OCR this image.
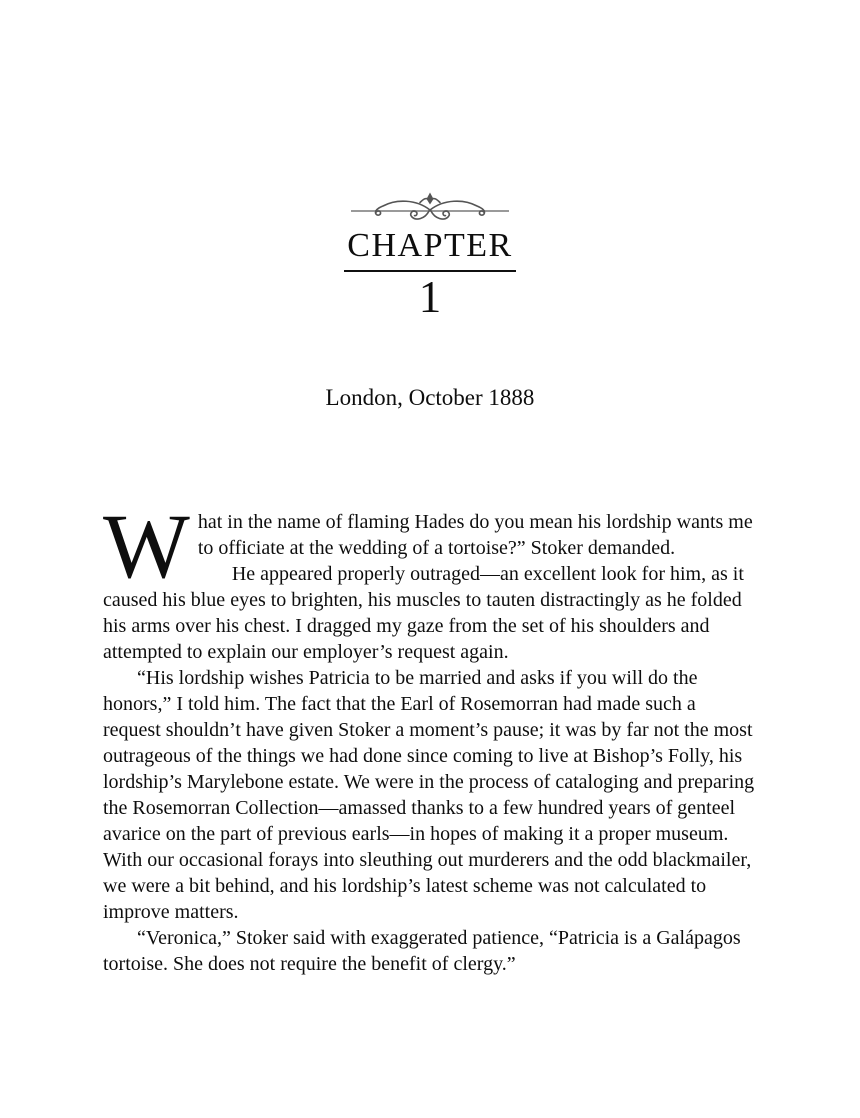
CHAPTER
1
London, October 1888

What in the name of flaming Hades do you mean his lordship wants me to officiate at the wedding of a tortoise?” Stoker demanded.

He appeared properly outraged—an excellent look for him, as it caused his blue eyes to brighten, his muscles to tauten distractingly as he folded his arms over his chest. I dragged my gaze from the set of his shoulders and attempted to explain our employer’s request again.

“His lordship wishes Patricia to be married and asks if you will do the honors,” I told him. The fact that the Earl of Rosemorran had made such a request shouldn’t have given Stoker a moment’s pause; it was by far not the most outrageous of the things we had done since coming to live at Bishop’s Folly, his lordship’s Marylebone estate. We were in the process of cataloging and preparing the Rosemorran Collection—amassed thanks to a few hundred years of genteel avarice on the part of previous earls—in hopes of making it a proper museum. With our occasional forays into sleuthing out murderers and the odd blackmailer, we were a bit behind, and his lordship’s latest scheme was not calculated to improve matters.

“Veronica,” Stoker said with exaggerated patience, “Patricia is a Galápagos tortoise. She does not require the benefit of clergy.”
